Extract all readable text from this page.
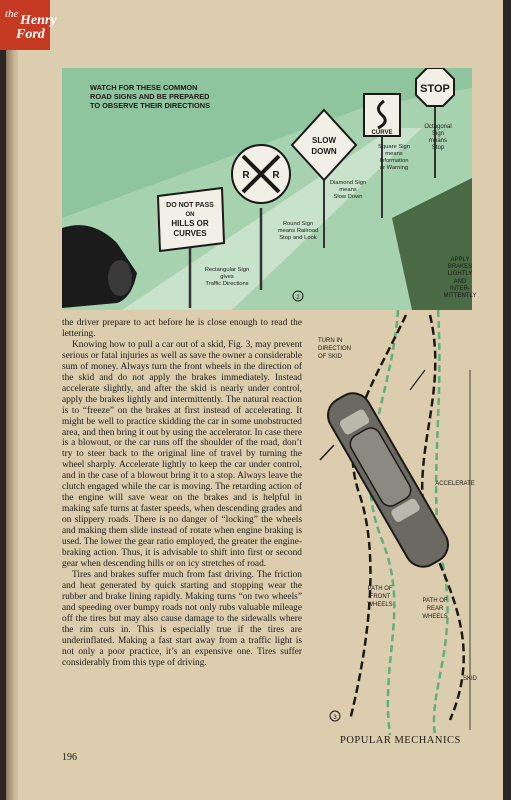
the Henry
Ford
WATCH FOR THESE COMMON
ROAD SIGNS AND BE PREPARED
TO OBSERVE THEIR DIRECTIONS
STOP
Octagonal
Sign
means
Stop
CURVE
Square Sign
means
Information
or Warning
SLOW
DOWN
Diamond Sign
means
Slow Down
R R
Round Sign
means Railroad
Stop and Look
DO NOT PASS
ON
HILLS OR
CURVES
Rectangular Sign
gives
Traffic Directions
2

the driver prepare to act before he is close enough to read the lettering.

Knowing how to pull a car out of a skid, Fig. 3, may prevent serious or fatal injuries as well as save the owner a considerable sum of money. Always turn the front wheels in the direction of the skid and do not apply the brakes immediately. Instead accelerate slightly, and after the skid is nearly under control, apply the brakes lightly and intermittently. The natural reaction is to “freeze” on the brakes at first instead of accelerating. It might be well to practice skidding the car in some unobstructed area, and then bring it out by using the accelerator. In case there is a blowout, or the car runs off the shoulder of the road, don’t try to steer back to the original line of travel by turning the wheel sharply. Accelerate lightly to keep the car under control, and in the case of a blowout bring it to a stop. Always leave the clutch engaged while the car is moving. The retarding action of the engine will save wear on the brakes and is helpful in making safe turns at faster speeds, when descending grades and on slippery roads. There is no danger of “locking” the wheels and making them slide instead of rotate when engine braking is used. The lower the gear ratio employed, the greater the engine-braking action. Thus, it is advisable to shift into first or second gear when descending hills or on icy stretches of road.

Tires and brakes suffer much from fast driving. The friction and heat generated by quick starting and stopping wear the rubber and brake lining rapidly. Making turns “on two wheels” and speeding over bumpy roads not only rubs valuable mileage off the tires but may also cause damage to the sidewalls where the rim cuts in. This is especially true if the tires are underinflated. Making a fast start away from a traffic light is not only a poor practice, it’s an expensive one. Tires suffer considerably from this type of driving.

TURN IN
DIRECTION
OF SKID
ACCELERATE
PATH OF
FRONT
WHEELS
PATH OF
REAR
WHEELS
SKID
3
APPLY
BRAKES
LIGHTLY
AND
INTER-
MITTENTLY
196
POPULAR MECHANICS
